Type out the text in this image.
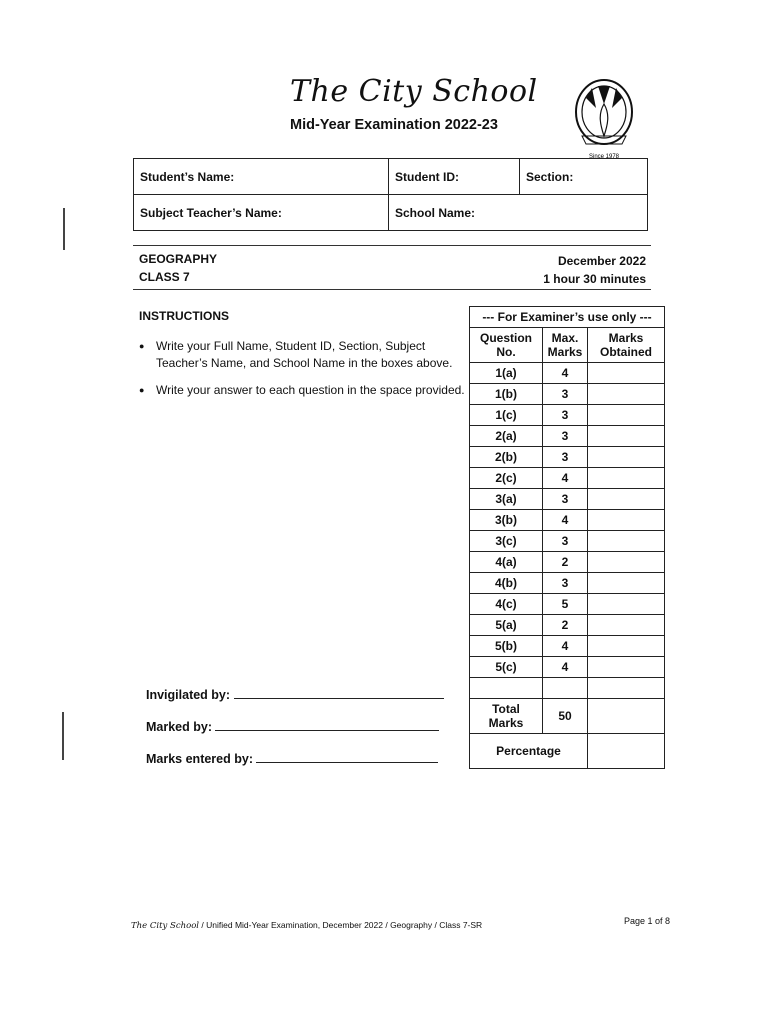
The City School
Mid-Year Examination 2022-23
Since 1978
Student’s Name:	Student ID:	Section:
Subject Teacher’s Name:	School Name:	
GEOGRAPHY
CLASS 7
December 2022
1 hour 30 minutes
INSTRUCTIONS
● Write your Full Name, Student ID, Section, Subject Teacher’s Name, and School Name in the boxes above.
● Write your answer to each question in the space provided.
--- For Examiner’s use only ---		
Question No.	Max. Marks	Marks Obtained
1(a)	4	
1(b)	3	
1(c)	3	
2(a)	3	
2(b)	3	
2(c)	4	
3(a)	3	
3(b)	4	
3(c)	3	
4(a)	2	
4(b)	3	
4(c)	5	
5(a)	2	
5(b)	4	
5(c)	4	

Total Marks	50	
Percentage		
Invigilated by:
Marked by:
Marks entered by:
The City School / Unified Mid-Year Examination, December 2022 / Geography / Class 7-SR	Page 1 of 8
